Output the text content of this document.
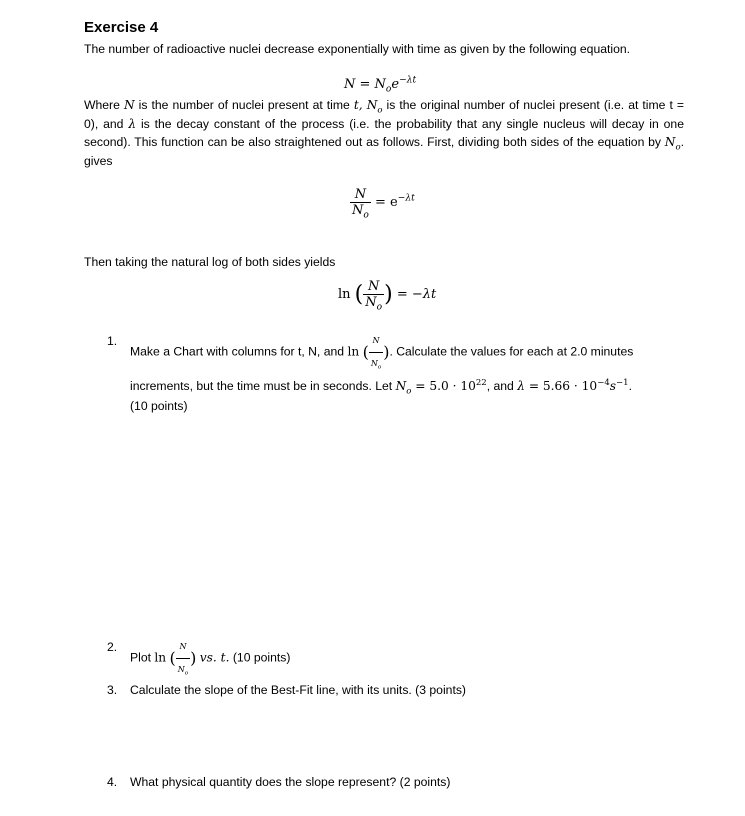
Exercise 4
The number of radioactive nuclei decrease exponentially with time as given by the following equation.
$N = N_oe^{-\lambda t}$
Where N is the number of nuclei present at time t, $N_o$ is the original number of nuclei present (i.e. at time t = 0), and λ is the decay constant of the process (i.e. the probability that any single nucleus will decay in one second). This function can be also straightened out as follows. First, dividing both sides of the equation by $N_o$. gives
$\frac{N}{N_o} = e^{-\lambda t}$
Then taking the natural log of both sides yields
ln ( $\frac{N}{N_o}$ ) = −λt
1.
Make a Chart with columns for t, N, and ln ( $\frac{N}{N_o}$ ). Calculate the values for each at 2.0 minutes increments, but the time must be in seconds. Let $N_o = 5.0 \cdot 10^{22}$, and $\lambda = 5.66 \cdot 10^{-4}s^{-1}$.
(10 points)
2.
Plot ln ( $\frac{N}{N_o}$ ) vs. t. (10 points)
3. Calculate the slope of the Best-Fit line, with its units. (3 points)
4. What physical quantity does the slope represent? (2 points)
